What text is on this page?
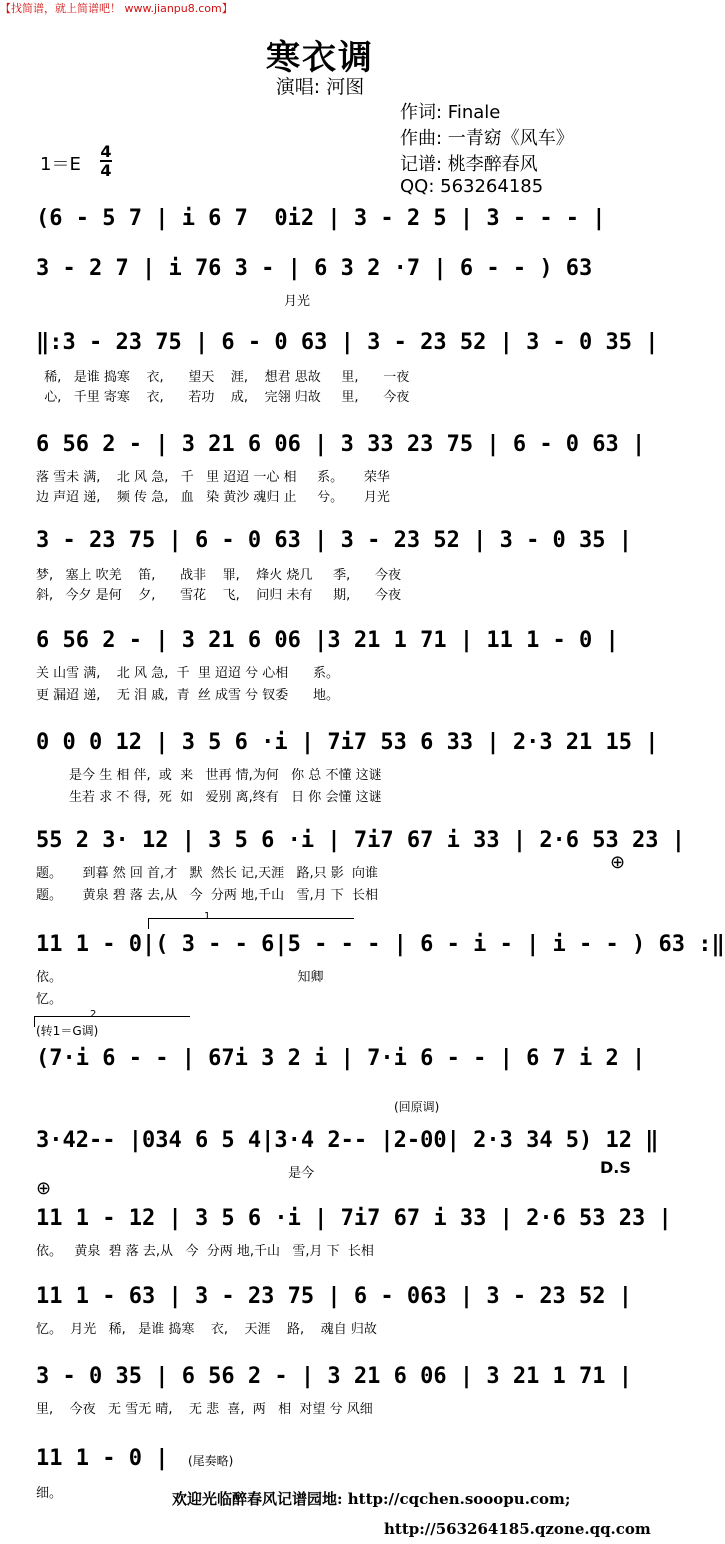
【找简谱，就上简谱吧！ www.jianpu8.com】
寒衣调
演唱: 河图
作词: Finale
作曲: 一青窈《风车》
记谱: 桃李醉春风
QQ: 563264185
1＝E
4
4
(6 - 5 7 | i 6 7  0i2 | 3 - 2 5 | 3 - - - |
3 - 2 7 | i 76 3 - | 6 3 2 ·7 | 6 - - ) 63
月光
‖:3 - 23 75 | 6 - 0 63 | 3 - 23 52 | 3 - 0 35 |
稀,   是谁 捣寒    衣,      望天    涯,    想君 思故     里,      一夜
心,   千里 寄寒    衣,      若功    成,    完翎 归故     里,      今夜
6 56 2 - | 3 21 6 06 | 3 33 23 75 | 6 - 0 63 |
落 雪未 满,    北 风 急,   千   里 迢迢 一心 相     系。     荣华
边 声迢 递,    频 传 急,   血   染 黄沙 魂归 止     兮。     月光
3 - 23 75 | 6 - 0 63 | 3 - 23 52 | 3 - 0 35 |
梦,   塞上 吹羌    笛,      战非    罪,    烽火 烧几     季,      今夜
斜,   今夕 是何    夕,      雪花    飞,    问归 未有     期,      今夜
6 56 2 - | 3 21 6 06 |3 21 1 71 | 11 1 - 0 |
关 山雪 满,    北 风 急,  千  里 迢迢 兮 心相      系。
更 漏迢 递,    无 泪 戚,  青  丝 成雪 兮 钗委      地。
0 0 0 12 | 3 5 6 ·i | 7i7 53 6 33 | 2·3 21 15 |
是今 生 相 伴,  或  来   世再 情,为何   你 总 不懂 这谜
生若 求 不 得,  死  如   爱别 离,终有   日 你 会懂 这谜
55 2 3· 12 | 3 5 6 ·i | 7i7 67 i 33 | 2·6 53 23 |
题。     到暮 然 回 首,才   默  然长 记,天涯   路,只 影  向谁
题。     黄泉 碧 落 去,从   今  分两 地,千山   雪,月 下  长相
⊕
1
11 1 - 0|( 3 - - 6|5 - - - | 6 - i - | i - - ) 63 :‖
依。                                                         知卿
忆。
2
(转1＝G调)
(7·i 6 - - | 67i 3 2 i | 7·i 6 - - | 6 7 i 2 |
(回原调)
3·42-- |034 6 5 4|3·4 2-- |2-00| 2·3 34 5) 12 ‖
是今	D.S
⊕
11 1 - 12 | 3 5 6 ·i | 7i7 67 i 33 | 2·6 53 23 |
依。   黄泉  碧 落 去,从   今  分两 地,千山   雪,月 下  长相
11 1 - 63 | 3 - 23 75 | 6 - 063 | 3 - 23 52 |
忆。  月光   稀,   是谁 捣寒    衣,    天涯    路,    魂自 归故
3 - 0 35 | 6 56 2 - | 3 21 6 06 | 3 21 1 71 |
里,    今夜   无 雪无 晴,    无 悲  喜,  两   相  对望 兮 风细
11 1 - 0 |	(尾奏略)
细。	欢迎光临醉春风记谱园地: http://cqchen.sooopu.com;
http://563264185.qzone.qq.com
